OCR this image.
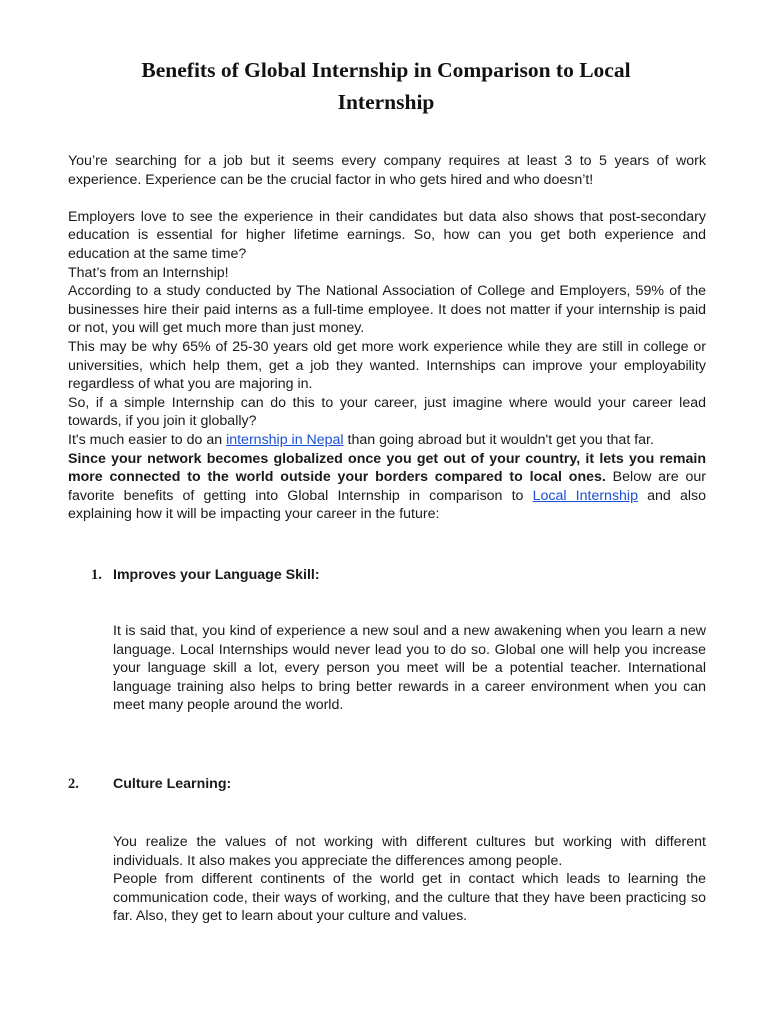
Benefits of Global Internship in Comparison to Local Internship

You’re searching for a job but it seems every company requires at least 3 to 5 years of work experience. Experience can be the crucial factor in who gets hired and who doesn’t!

Employers love to see the experience in their candidates but data also shows that post-secondary education is essential for higher lifetime earnings. So, how can you get both experience and education at the same time?

That’s from an Internship!

According to a study conducted by The National Association of College and Employers, 59% of the businesses hire their paid interns as a full-time employee. It does not matter if your internship is paid or not, you will get much more than just money.

This may be why 65% of 25-30 years old get more work experience while they are still in college or universities, which help them, get a job they wanted. Internships can improve your employability regardless of what you are majoring in.

So, if a simple Internship can do this to your career, just imagine where would your career lead towards, if you join it globally?

It's much easier to do an internship in Nepal than going abroad but it wouldn't get you that far.

Since your network becomes globalized once you get out of your country, it lets you remain more connected to the world outside your borders compared to local ones. Below are our favorite benefits of getting into Global Internship in comparison to Local Internship and also explaining how it will be impacting your career in the future:

1. Improves your Language Skill:

It is said that, you kind of experience a new soul and a new awakening when you learn a new language. Local Internships would never lead you to do so. Global one will help you increase your language skill a lot, every person you meet will be a potential teacher. International language training also helps to bring better rewards in a career environment when you can meet many people around the world.

2. Culture Learning:

You realize the values of not working with different cultures but working with different individuals. It also makes you appreciate the differences among people.

People from different continents of the world get in contact which leads to learning the communication code, their ways of working, and the culture that they have been practicing so far. Also, they get to learn about your culture and values.
